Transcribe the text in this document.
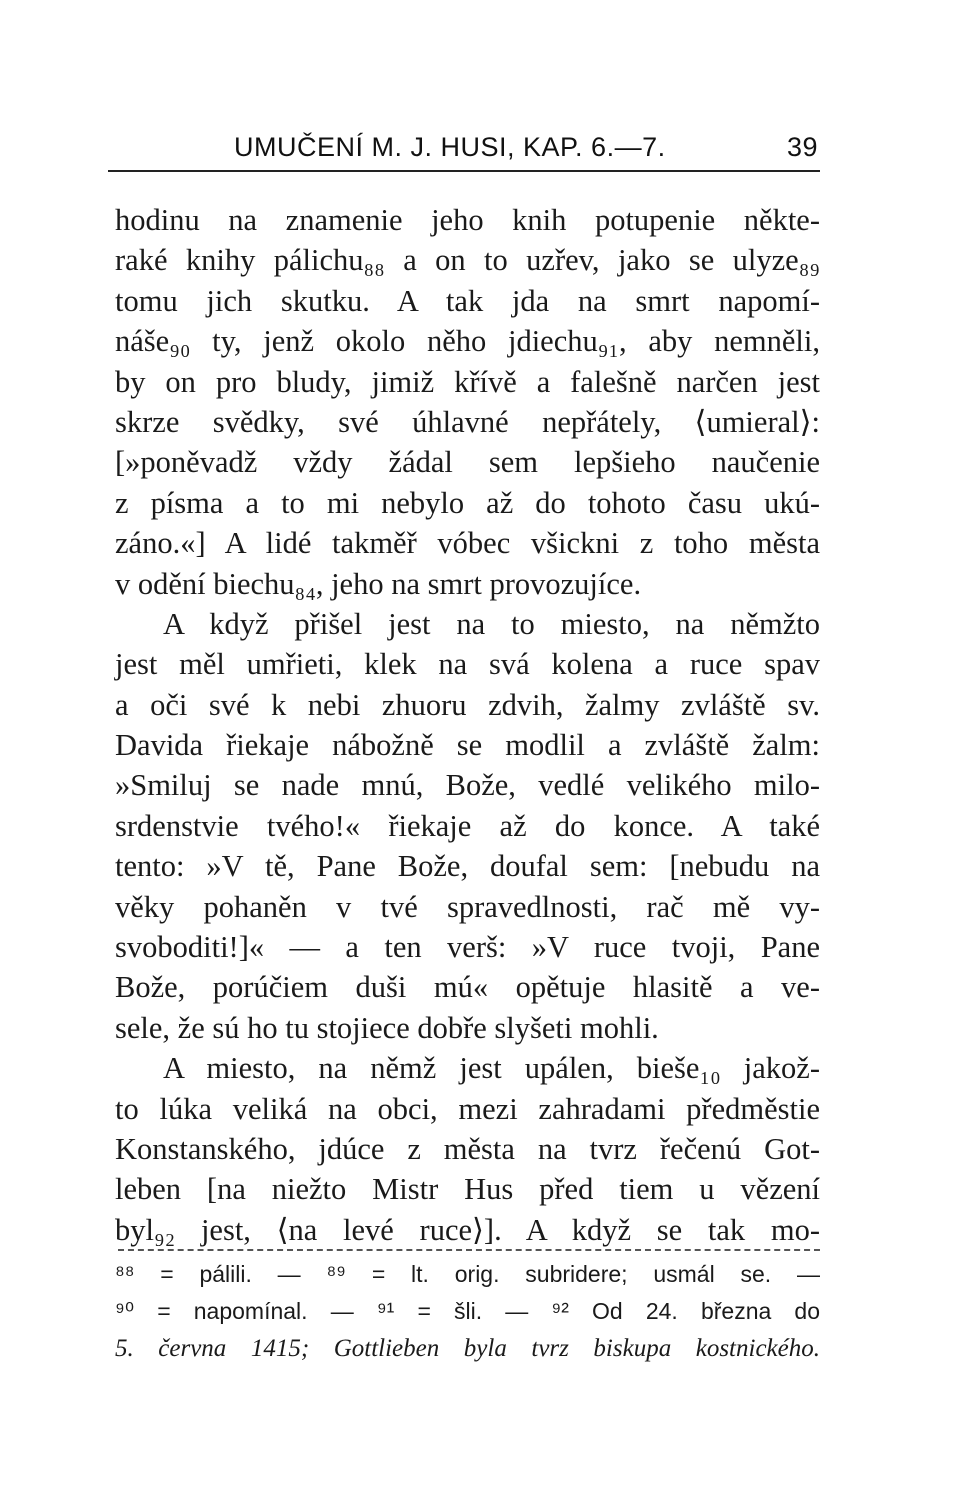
UMUČENÍ M. J. HUSI, KAP. 6.—7.	39
hodinu na znamenie jeho knih potupenie někte-
raké knihy pálichu₈₈ a on to uzřev, jako se ulyze₈₉
tomu jich skutku. A tak jda na smrt napomí-
náše₉₀ ty, jenž okolo něho jdiechu₉₁, aby nemněli,
by on pro bludy, jimiž křívě a falešně narčen jest
skrze svědky, své úhlavné nepřátely, ⟨umieral⟩:
[»poněvadž vždy žádal sem lepšieho naučenie
z písma a to mi nebylo až do tohoto času ukú-
záno.«] A lidé takměř vóbec všickni z toho města
v odění biechu₈₄, jeho na smrt provozujíce.
A když přišel jest na to miesto, na němžto
jest měl umřieti, klek na svá kolena a ruce spav
a oči své k nebi zhuoru zdvih, žalmy zvláště sv.
Davida řiekaje nábožně se modlil a zvláště žalm:
»Smiluj se nade mnú, Bože, vedlé velikého milo-
srdenstvie tvého!« řiekaje až do konce. A také
tento: »V tě, Pane Bože, doufal sem: [nebudu na
věky pohaněn v tvé spravedlnosti, rač mě vy-
svoboditi!]« — a ten verš: »V ruce tvoji, Pane
Bože, porúčiem duši mú« opětuje hlasitě a ve-
sele, že sú ho tu stojiece dobře slyšeti mohli.
A miesto, na němž jest upálen, bieše₁₀ jakož-
to lúka veliká na obci, mezi zahradami předměstie
Konstanského, jdúce z města na tvrz řečenú Got-
leben [na niežto Mistr Hus před tiem u vězení
byl₉₂ jest, ⟨na levé ruce⟩]. A když se tak mo-
⁸⁸ = pálili. — ⁸⁹ = lt. orig. subridere; usmál se. —
⁹⁰ = napomínal. — ⁹¹ = šli. — ⁹² Od 24. března do
5. června 1415; Gottlieben byla tvrz biskupa kostnického.
